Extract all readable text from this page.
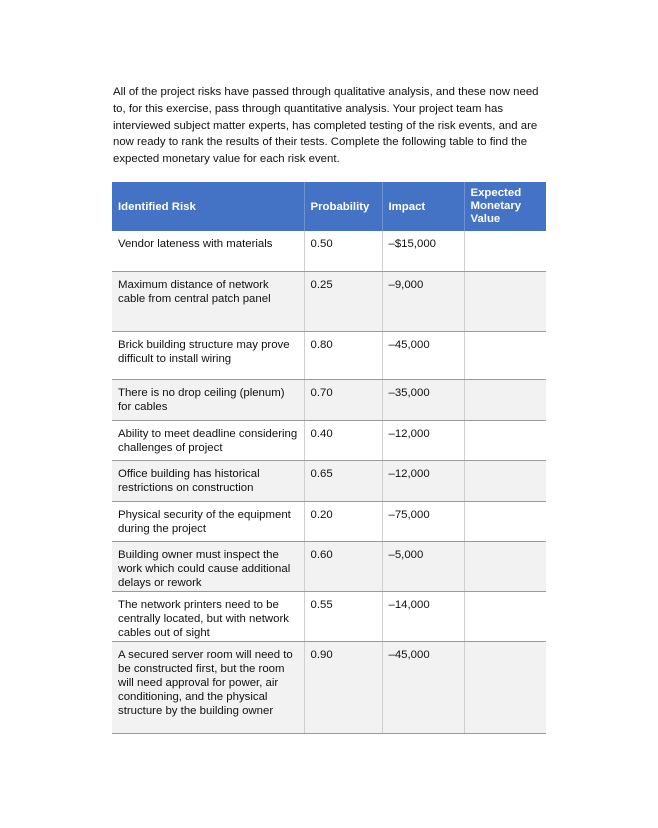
All of the project risks have passed through qualitative analysis, and these now need to, for this exercise, pass through quantitative analysis. Your project team has interviewed subject matter experts, has completed testing of the risk events, and are now ready to rank the results of their tests. Complete the following table to find the expected monetary value for each risk event.

Identified Risk	Probability	Impact	Expected
Monetary
Value
Vendor lateness with materials	0.50	–$15,000	
Maximum distance of network cable from central patch panel	0.25	–9,000	
Brick building structure may prove difficult to install wiring	0.80	–45,000	
There is no drop ceiling (plenum) for cables	0.70	–35,000	
Ability to meet deadline considering challenges of project	0.40	–12,000	
Office building has historical restrictions on construction	0.65	–12,000	
Physical security of the equipment during the project	0.20	–75,000	
Building owner must inspect the work which could cause additional delays or rework	0.60	–5,000	
The network printers need to be centrally located, but with network cables out of sight	0.55	–14,000	
A secured server room will need to be constructed first, but the room will need approval for power, air conditioning, and the physical structure by the building owner	0.90	–45,000	
